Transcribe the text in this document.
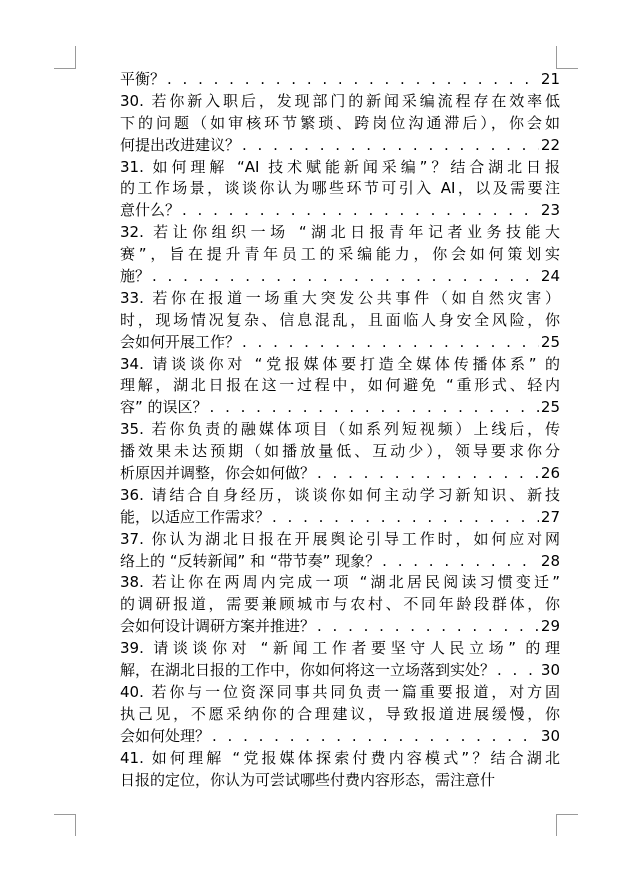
平衡？ . . .	21
30. 若你新入职后，发现部门的新闻采编流程存在效率低
下的问题（如审核环节繁琐、跨岗位沟通滞后），你会如
何提出改进建议？ . . .	22
31. 如何理解 “AI 技术赋能新闻采编”？结合湖北日报
的工作场景，谈谈你认为哪些环节可引入 AI，以及需要注
意什么？ . . .	23
32. 若让你组织一场 “湖北日报青年记者业务技能大
赛”，旨在提升青年员工的采编能力，你会如何策划实
施？ . . .	24
33. 若你在报道一场重大突发公共事件（如自然灾害）
时，现场情况复杂、信息混乱，且面临人身安全风险，你
会如何开展工作？ . . .	25
34. 请谈谈你对 “党报媒体要打造全媒体传播体系” 的
理解，湖北日报在这一过程中，如何避免 “重形式、轻内
容” 的误区？ . . .	25
35. 若你负责的融媒体项目（如系列短视频）上线后，传
播效果未达预期（如播放量低、互动少），领导要求你分
析原因并调整，你会如何做？ . . .	26
36. 请结合自身经历，谈谈你如何主动学习新知识、新技
能，以适应工作需求？ . . .	27
37. 你认为湖北日报在开展舆论引导工作时，如何应对网
络上的 “反转新闻” 和 “带节奏” 现象？ . . .	28
38. 若让你在两周内完成一项 “湖北居民阅读习惯变迁”
的调研报道，需要兼顾城市与农村、不同年龄段群体，你
会如何设计调研方案并推进？ . . .	29
39. 请谈谈你对 “新闻工作者要坚守人民立场” 的理
解，在湖北日报的工作中，你如何将这一立场落到实处？ . . .	30
40. 若你与一位资深同事共同负责一篇重要报道，对方固
执己见，不愿采纳你的合理建议，导致报道进展缓慢，你
会如何处理？ . . .	30
41. 如何理解 “党报媒体探索付费内容模式”？结合湖北
日报的定位，你认为可尝试哪些付费内容形态，需注意什
